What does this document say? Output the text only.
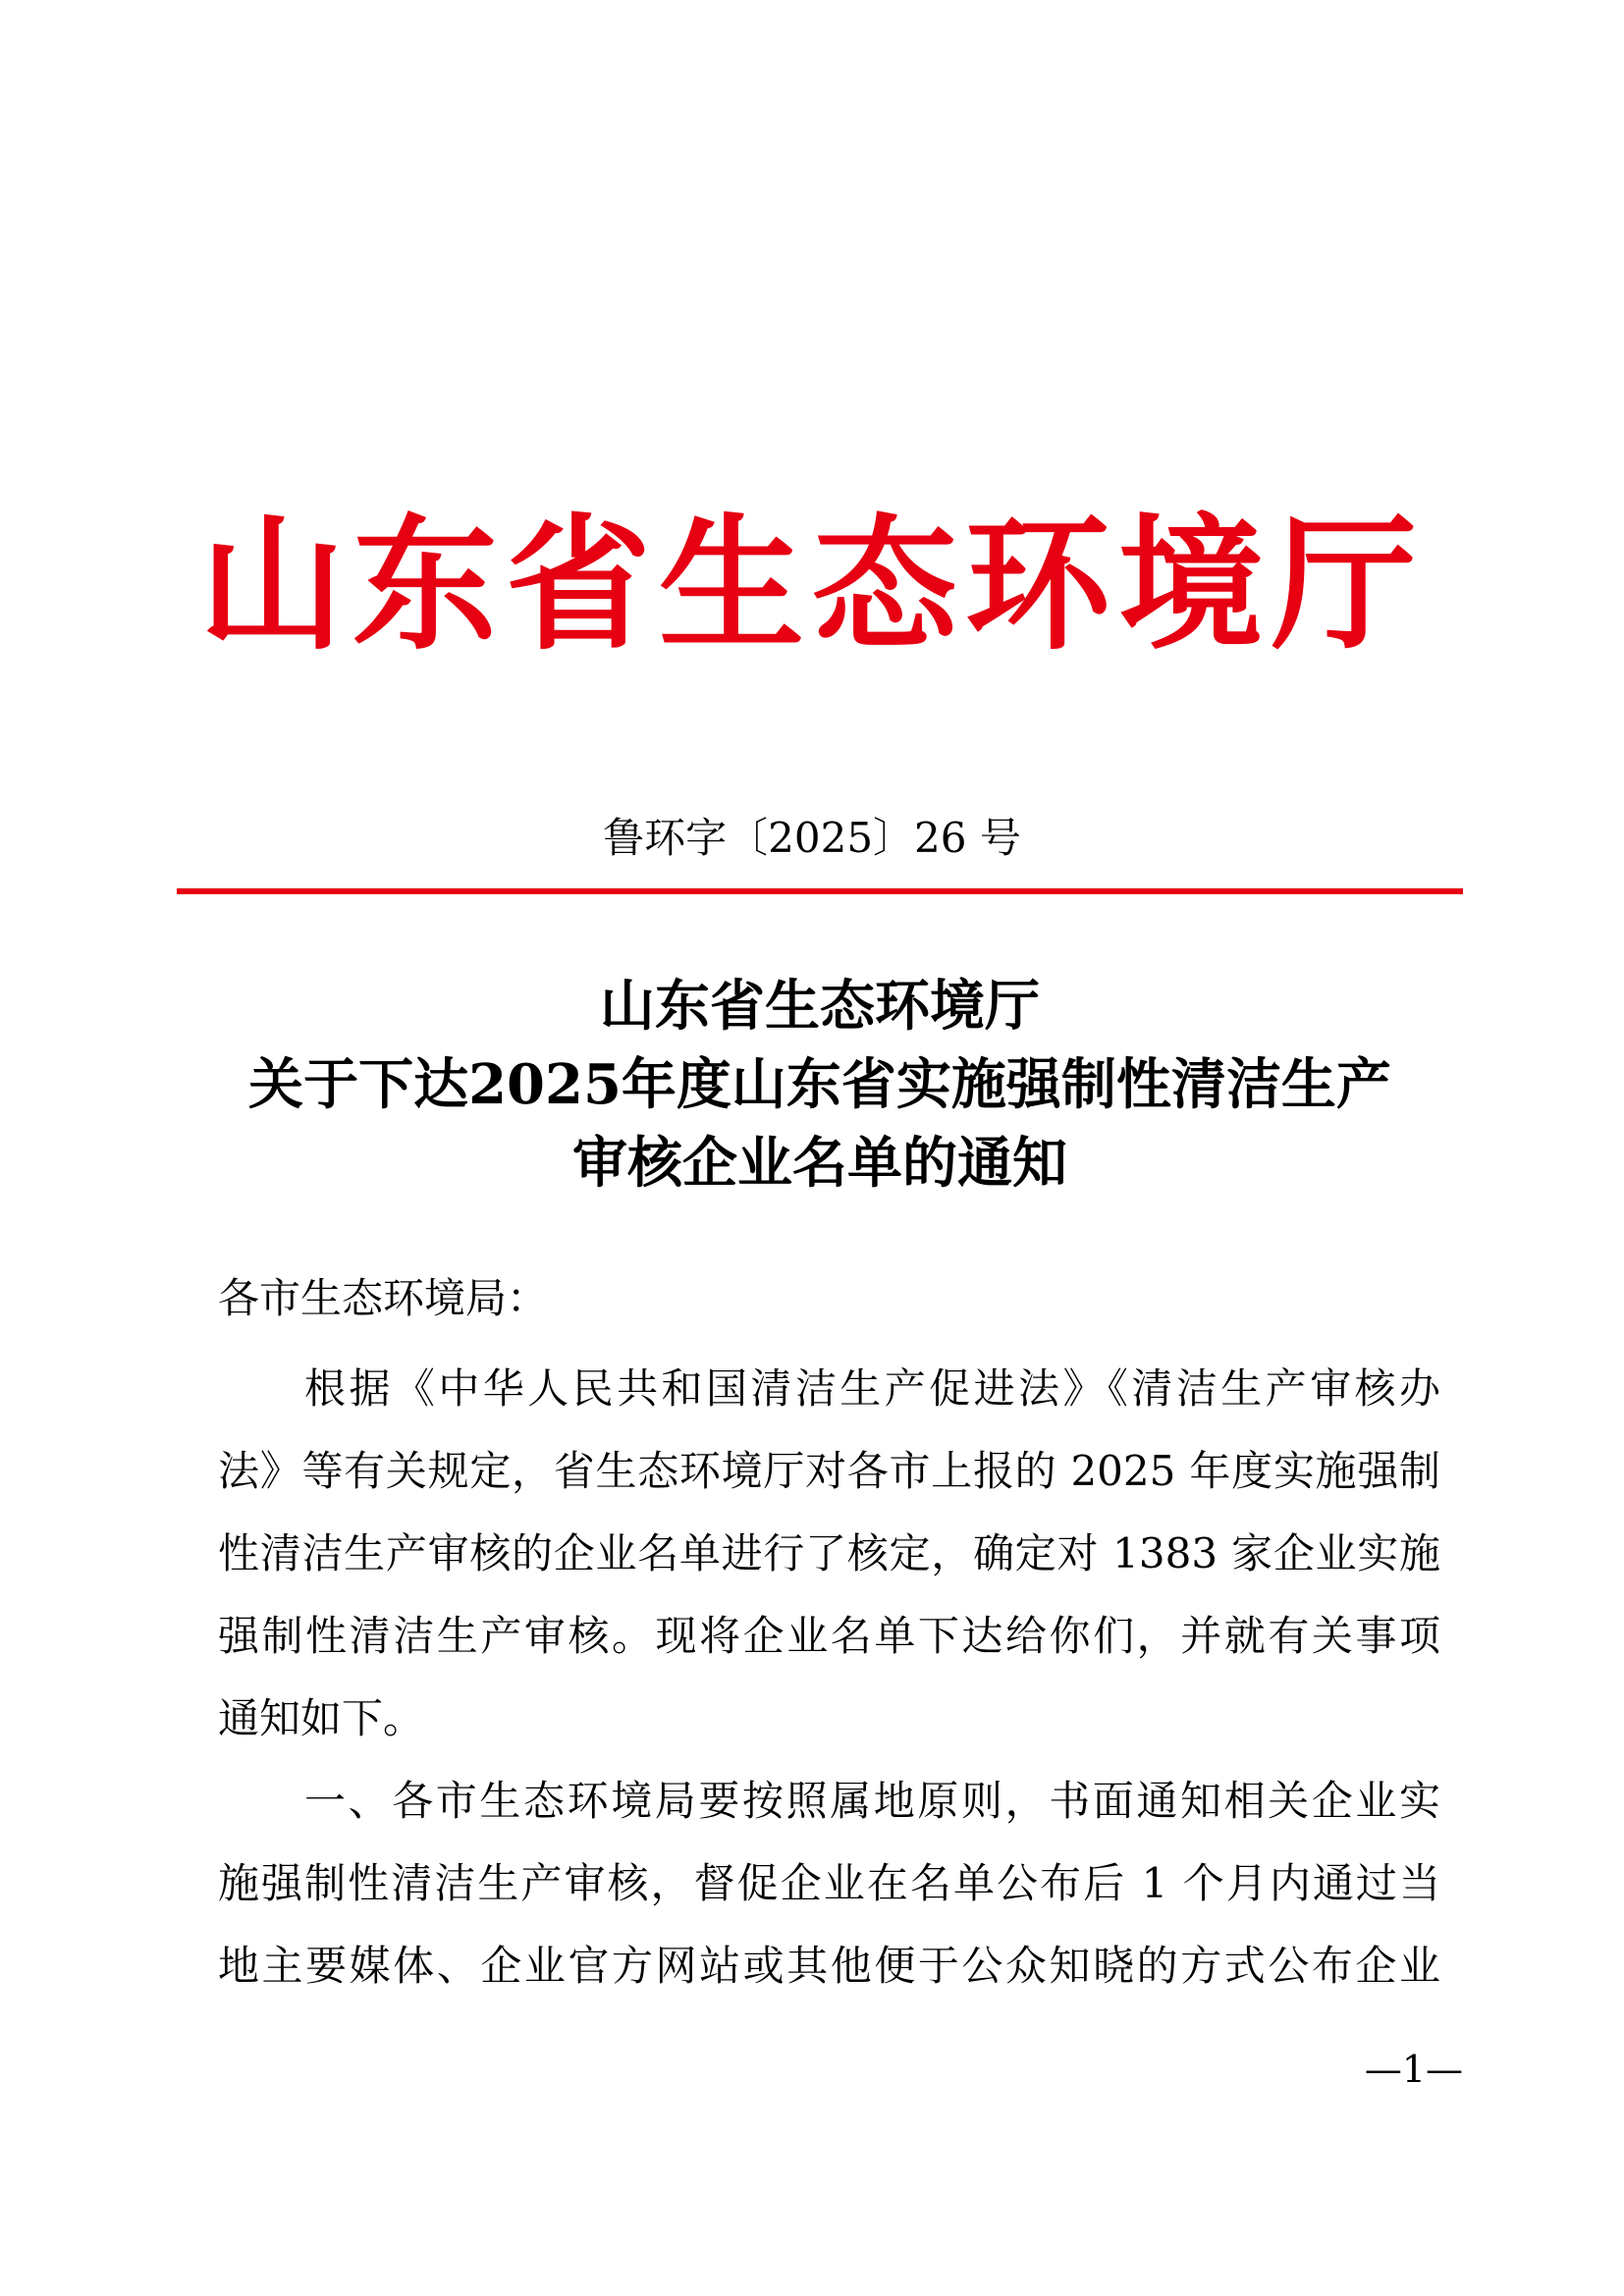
山东省生态环境厅
鲁环字〔2025〕26 号
山东省生态环境厅
关于下达2025年度山东省实施强制性清洁生产
审核企业名单的通知
各市生态环境局：
根据《中华人民共和国清洁生产促进法》《清洁生产审核办
法》等有关规定，省生态环境厅对各市上报的 2025 年度实施强制
性清洁生产审核的企业名单进行了核定，确定对 1383 家企业实施
强制性清洁生产审核。现将企业名单下达给你们，并就有关事项
通知如下。
一、各市生态环境局要按照属地原则，书面通知相关企业实
施强制性清洁生产审核，督促企业在名单公布后 1 个月内通过当
地主要媒体、企业官方网站或其他便于公众知晓的方式公布企业
—1—
